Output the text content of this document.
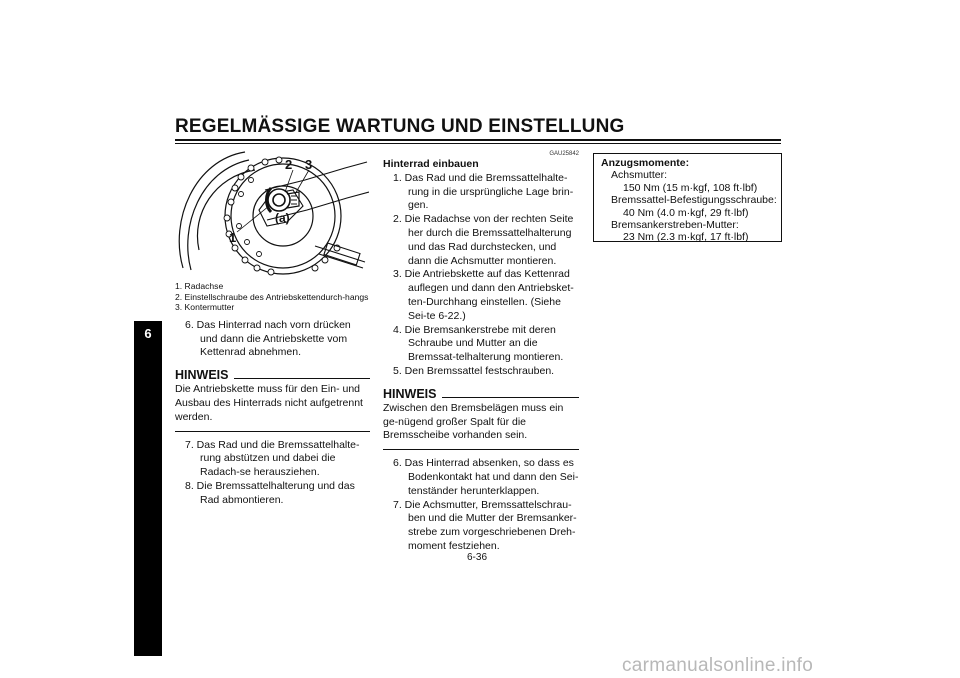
REGELMÄSSIGE WARTUNG UND EINSTELLUNG
6
2 3
1
(a)
1. Radachse
2. Einstellschraube des Antriebskettendurch-hangs
3. Kontermutter

6. Das Hinterrad nach vorn drücken und dann die Antriebskette vom Kettenrad abnehmen.

HINWEIS
Die Antriebskette muss für den Ein- und Ausbau des Hinterrads nicht aufgetrennt werden.

7. Das Rad und die Bremssattelhalte-rung abstützen und dabei die Radach-se herausziehen.

8. Die Bremssattelhalterung und das Rad abmontieren.

GAU25842
Hinterrad einbauen

1. Das Rad und die Bremssattelhalte-rung in die ursprüngliche Lage brin-gen.

2. Die Radachse von der rechten Seite her durch die Bremssattelhalterung und das Rad durchstecken, und dann die Achsmutter montieren.

3. Die Antriebskette auf das Kettenrad auflegen und dann den Antriebsket-ten-Durchhang einstellen. (Siehe Sei-te 6-22.)

4. Die Bremsankerstrebe mit deren Schraube und Mutter an die Bremssat-telhalterung montieren.

5. Den Bremssattel festschrauben.

HINWEIS
Zwischen den Bremsbelägen muss ein ge-nügend großer Spalt für die Bremsscheibe vorhanden sein.

6. Das Hinterrad absenken, so dass es Bodenkontakt hat und dann den Sei-tenständer herunterklappen.

7. Die Achsmutter, Bremssattelschrau-ben und die Mutter der Bremsanker-strebe zum vorgeschriebenen Dreh-moment festziehen.

Anzugsmomente:
Achsmutter:
150 Nm (15 m·kgf, 108 ft·lbf)
Bremssattel-Befestigungsschraube:
40 Nm (4.0 m·kgf, 29 ft·lbf)
Bremsankerstreben-Mutter:
23 Nm (2.3 m·kgf, 17 ft·lbf)
6-36
carmanualsonline.info
